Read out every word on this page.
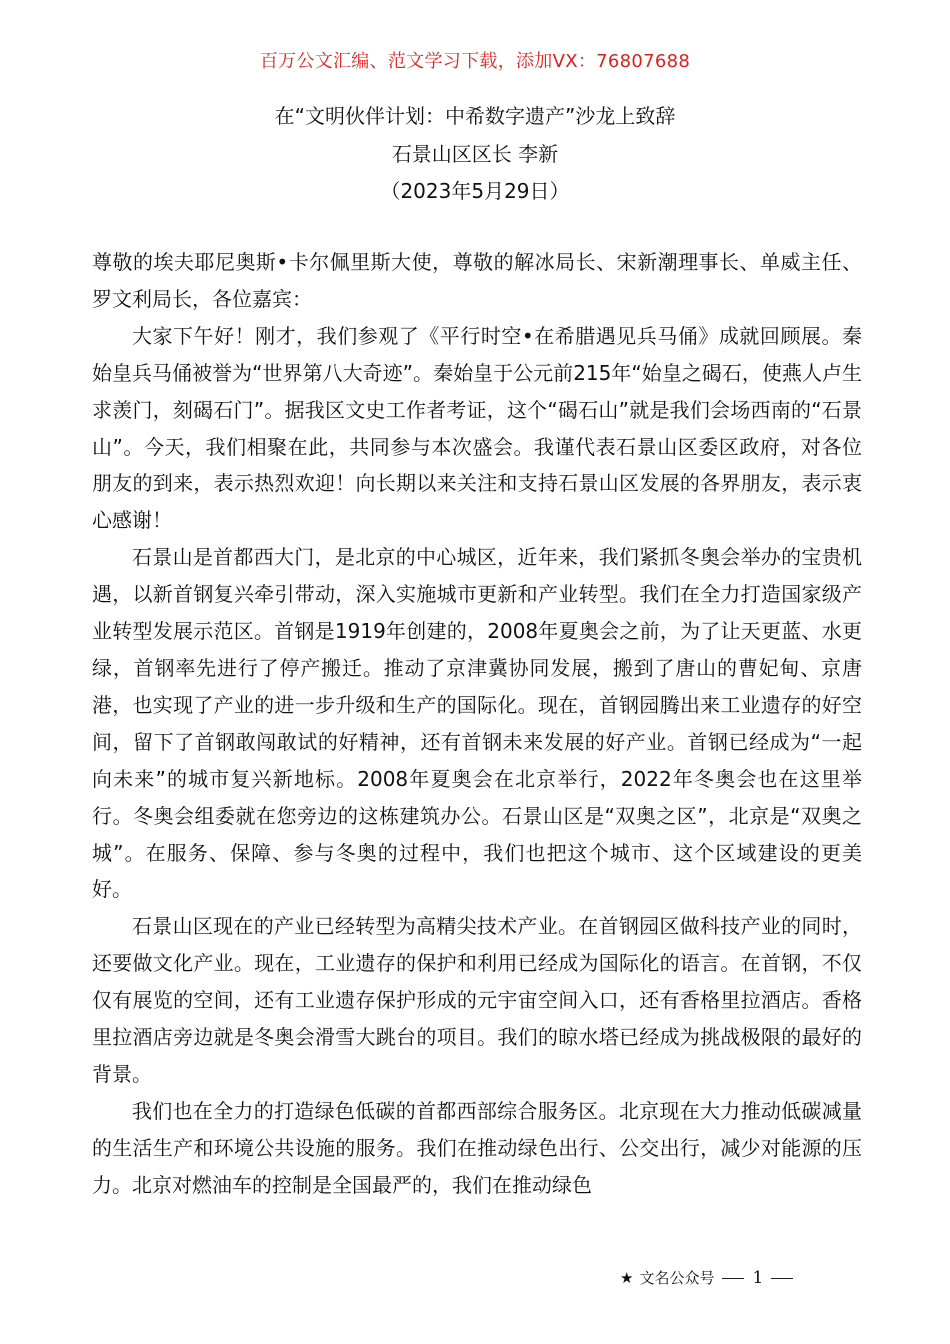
百万公文汇编、范文学习下载，添加VX：76807688
在“文明伙伴计划：中希数字遗产”沙龙上致辞
石景山区区长 李新
（2023年5月29日）

尊敬的埃夫耶尼奥斯•卡尔佩里斯大使，尊敬的解冰局长、宋新潮理事长、单威主任、罗文利局长，各位嘉宾：

大家下午好！刚才，我们参观了《平行时空•在希腊遇见兵马俑》成就回顾展。秦始皇兵马俑被誉为“世界第八大奇迹”。秦始皇于公元前215年“始皇之碣石，使燕人卢生求羡门，刻碣石门”。据我区文史工作者考证，这个“碣石山”就是我们会场西南的“石景山”。今天，我们相聚在此，共同参与本次盛会。我谨代表石景山区委区政府，对各位朋友的到来，表示热烈欢迎！向长期以来关注和支持石景山区发展的各界朋友，表示衷心感谢！

石景山是首都西大门，是北京的中心城区，近年来，我们紧抓冬奥会举办的宝贵机遇，以新首钢复兴牵引带动，深入实施城市更新和产业转型。我们在全力打造国家级产业转型发展示范区。首钢是1919年创建的，2008年夏奥会之前，为了让天更蓝、水更绿，首钢率先进行了停产搬迁。推动了京津冀协同发展，搬到了唐山的曹妃甸、京唐港，也实现了产业的进一步升级和生产的国际化。现在，首钢园腾出来工业遗存的好空间，留下了首钢敢闯敢试的好精神，还有首钢未来发展的好产业。首钢已经成为“一起向未来”的城市复兴新地标。2008年夏奥会在北京举行，2022年冬奥会也在这里举行。冬奥会组委就在您旁边的这栋建筑办公。石景山区是“双奥之区”，北京是“双奥之城”。在服务、保障、参与冬奥的过程中，我们也把这个城市、这个区域建设的更美好。

石景山区现在的产业已经转型为高精尖技术产业。在首钢园区做科技产业的同时，还要做文化产业。现在，工业遗存的保护和利用已经成为国际化的语言。在首钢，不仅仅有展览的空间，还有工业遗存保护形成的元宇宙空间入口，还有香格里拉酒店。香格里拉酒店旁边就是冬奥会滑雪大跳台的项目。我们的晾水塔已经成为挑战极限的最好的背景。

我们也在全力的打造绿色低碳的首都西部综合服务区。北京现在大力推动低碳减量的生活生产和环境公共设施的服务。我们在推动绿色出行、公交出行，减少对能源的压力。北京对燃油车的控制是全国最严的，我们在推动绿色

★ 文名公众号 1
